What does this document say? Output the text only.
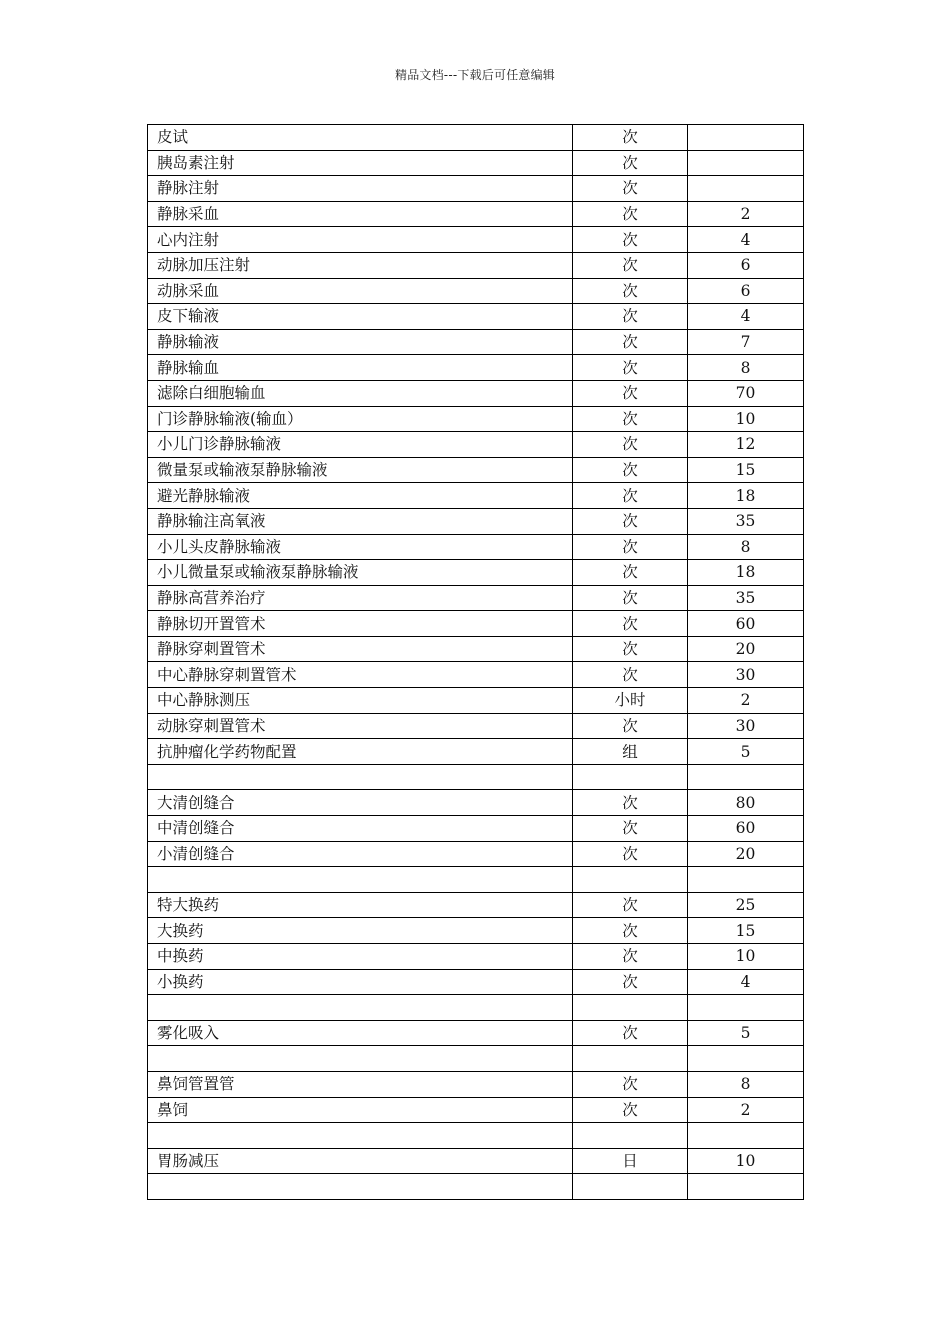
精品文档---下载后可任意编辑
皮试	次	
胰岛素注射	次	
静脉注射	次	
静脉采血	次	2
心内注射	次	4
动脉加压注射	次	6
动脉采血	次	6
皮下输液	次	4
静脉输液	次	7
静脉输血	次	8
滤除白细胞输血	次	70
门诊静脉输液(输血）	次	10
小儿门诊静脉输液	次	12
微量泵或输液泵静脉输液	次	15
避光静脉输液	次	18
静脉输注高氧液	次	35
小儿头皮静脉输液	次	8
小儿微量泵或输液泵静脉输液	次	18
静脉高营养治疗	次	35
静脉切开置管术	次	60
静脉穿刺置管术	次	20
中心静脉穿刺置管术	次	30
中心静脉测压	小时	2
动脉穿刺置管术	次	30
抗肿瘤化学药物配置	组	5

大清创缝合	次	80
中清创缝合	次	60
小清创缝合	次	20

特大换药	次	25
大换药	次	15
中换药	次	10
小换药	次	4

雾化吸入	次	5

鼻饲管置管	次	8
鼻饲	次	2

胃肠减压	日	10
